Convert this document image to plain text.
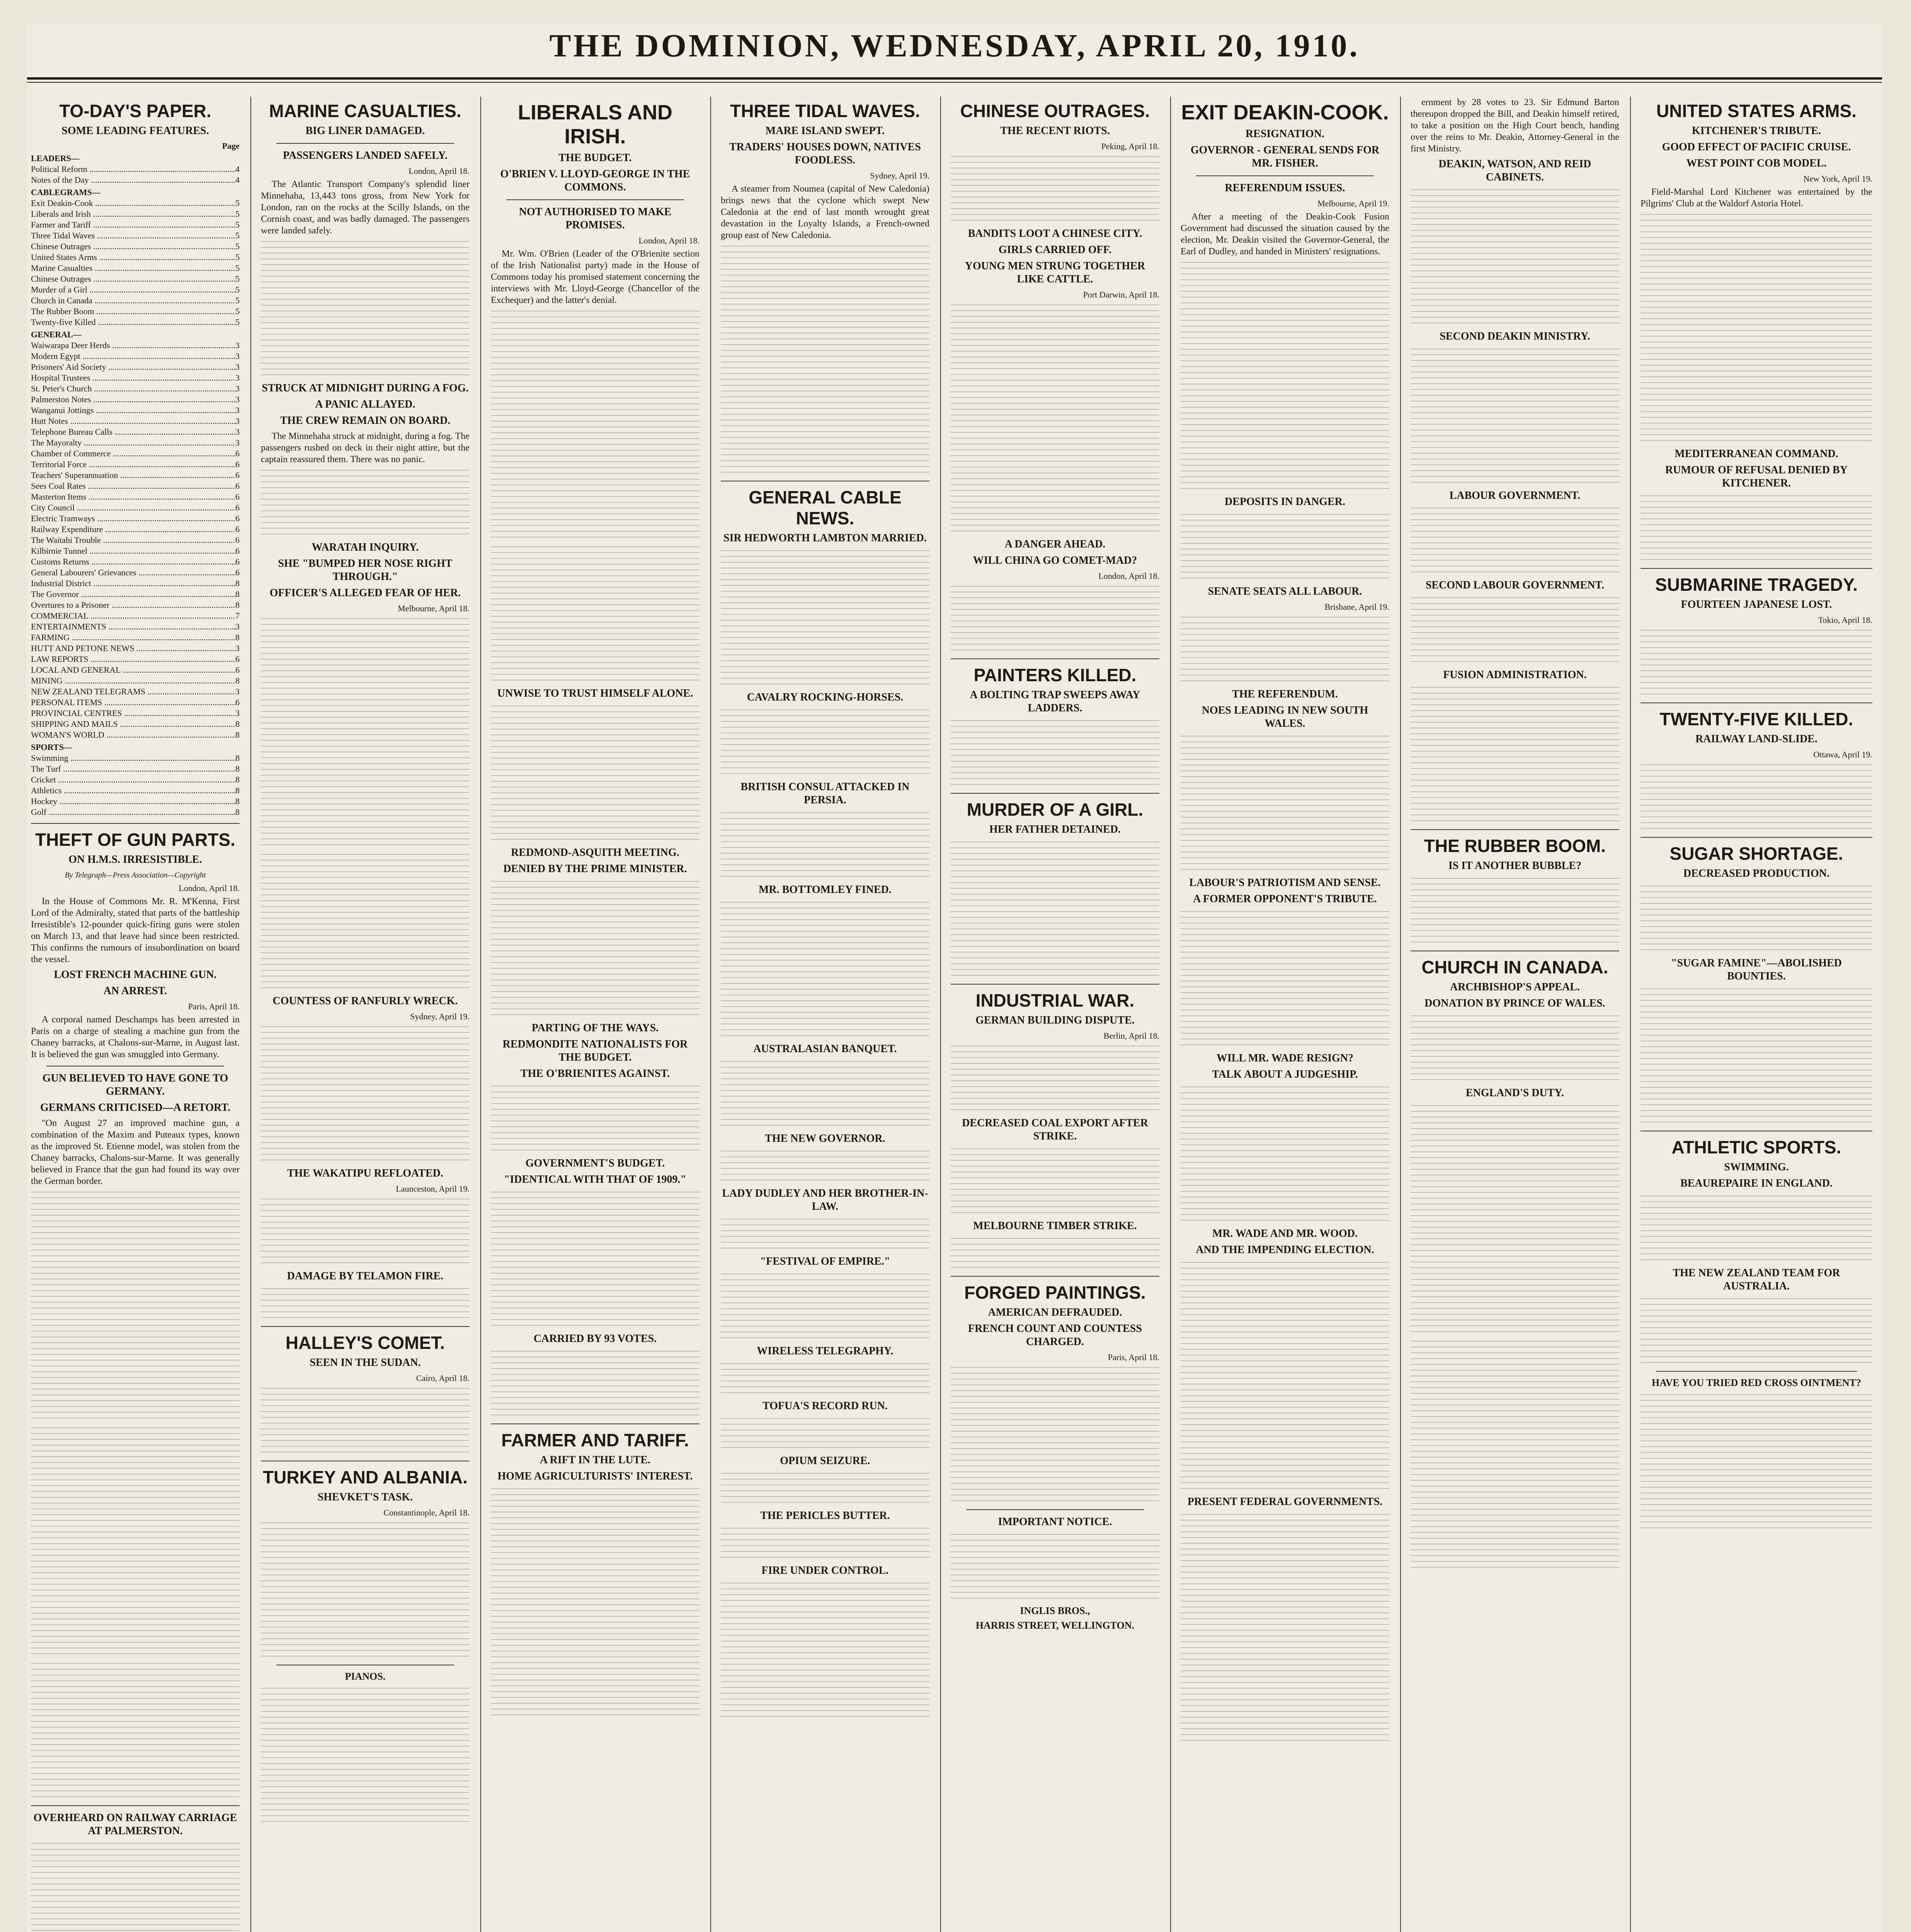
THE DOMINION, WEDNESDAY, APRIL 20, 1910.
TO-DAY'S PAPER.
SOME LEADING FEATURES.
Page
LEADERS—
Political Reform .....	4
Notes of the Day .....	4
CABLEGRAMS—
Exit Deakin-Cook .....	5
Liberals and Irish .....	5
Farmer and Tariff .....	5
Three Tidal Waves .....	5
Chinese Outrages .....	5
United States Arms .....	5
Marine Casualties .....	5
Chinese Outrages .....	5
Murder of a Girl .....	5
Church in Canada .....	5
The Rubber Boom .....	5
Twenty-five Killed .....	5
GENERAL—
Waiwarapa Deer Herds .....	3
Modern Egypt .....	3
Prisoners' Aid Society .....	3
Hospital Trustees .....	3
St. Peter's Church .....	3
Palmerston Notes .....	3
Wanganui Jottings .....	3
Hutt Notes .....	3
Telephone Bureau Calls .....	3
The Mayoralty .....	3
Chamber of Commerce .....	6
Territorial Force .....	6
Teachers' Superannuation .....	6
Sees Coal Rates .....	6
Masterton Items .....	6
City Council .....	6
Electric Tramways .....	6
Railway Expenditure .....	6
The Waitahi Trouble .....	6
Kilbirnie Tunnel .....	6
Customs Returns .....	6
General Labourers' Grievances .....	6
Industrial District .....	8
The Governor .....	8
Overtures to a Prisoner .....	8
COMMERCIAL .....	7
ENTERTAINMENTS .....	3
FARMING .....	8
HUTT AND PETONE NEWS .....	3
LAW REPORTS .....	6
LOCAL AND GENERAL .....	6
MINING .....	8
NEW ZEALAND TELEGRAMS .....	3
PERSONAL ITEMS .....	6
PROVINCIAL CENTRES .....	3
SHIPPING AND MAILS .....	8
WOMAN'S WORLD .....	8
SPORTS—
Swimming .....	8
The Turf .....	8
Cricket .....	8
Athletics .....	8
Hockey .....	8
Golf .....	8
THEFT OF GUN PARTS.
ON H.M.S. IRRESISTIBLE.
By Telegraph—Press Association—Copyright
London, April 18.
In the House of Commons Mr. R. M'Kenna, First Lord of the Admiralty, stated that parts of the battleship Irresistible's 12-pounder quick-firing guns were stolen on March 13, and that leave had since been restricted. This confirms the rumours of insubordination on board the vessel.
LOST FRENCH MACHINE GUN.
AN ARREST.
Paris, April 18.
A corporal named Deschamps has been arrested in Paris on a charge of stealing a machine gun from the Chaney barracks, at Chalons-sur-Marne, in August last. It is believed the gun was smuggled into Germany.
GUN BELIEVED TO HAVE GONE TO GERMANY.
GERMANS CRITICISED—A RETORT.
"On August 27 an improved machine gun, a combination of the Maxim and Puteaux types, known as the improved St. Etienne model, was stolen from the Chaney barracks, Chalons-sur-Marne. It was generally believed in France that the gun had found its way over the German border.
OVERHEARD ON RAILWAY CARRIAGE AT PALMERSTON.
MARINE CASUALTIES.
BIG LINER DAMAGED.
PASSENGERS LANDED SAFELY.
London, April 18.
The Atlantic Transport Company's splendid liner Minnehaha, 13,443 tons gross, from New York for London, ran on the rocks at the Scilly Islands, on the Cornish coast, and was badly damaged. The passengers were landed safely.
STRUCK AT MIDNIGHT DURING A FOG.
A PANIC ALLAYED.
THE CREW REMAIN ON BOARD.
The Minnehaha struck at midnight, during a fog. The passengers rushed on deck in their night attire, but the captain reassured them. There was no panic.
WARATAH INQUIRY.
SHE "BUMPED HER NOSE RIGHT THROUGH."
OFFICER'S ALLEGED FEAR OF HER.
Melbourne, April 18.
COUNTESS OF RANFURLY WRECK.
Sydney, April 19.
THE WAKATIPU REFLOATED.
Launceston, April 19.
DAMAGE BY TELAMON FIRE.
HALLEY'S COMET.
SEEN IN THE SUDAN.
Cairo, April 18.
TURKEY AND ALBANIA.
SHEVKET'S TASK.
Constantinople, April 18.
PIANOS.
LIBERALS AND IRISH.
THE BUDGET.
O'BRIEN V. LLOYD-GEORGE IN THE COMMONS.
NOT AUTHORISED TO MAKE PROMISES.
London, April 18.
Mr. Wm. O'Brien (Leader of the O'Brienite section of the Irish Nationalist party) made in the House of Commons today his promised statement concerning the interviews with Mr. Lloyd-George (Chancellor of the Exchequer) and the latter's denial.
UNWISE TO TRUST HIMSELF ALONE.
REDMOND-ASQUITH MEETING.
DENIED BY THE PRIME MINISTER.
PARTING OF THE WAYS.
REDMONDITE NATIONALISTS FOR THE BUDGET.
THE O'BRIENITES AGAINST.
GOVERNMENT'S BUDGET.
"IDENTICAL WITH THAT OF 1909."
CARRIED BY 93 VOTES.
FARMER AND TARIFF.
A RIFT IN THE LUTE.
HOME AGRICULTURISTS' INTEREST.
THREE TIDAL WAVES.
MARE ISLAND SWEPT.
TRADERS' HOUSES DOWN, NATIVES FOODLESS.
Sydney, April 19.
A steamer from Noumea (capital of New Caledonia) brings news that the cyclone which swept New Caledonia at the end of last month wrought great devastation in the Loyalty Islands, a French-owned group east of New Caledonia.
GENERAL CABLE NEWS.
SIR HEDWORTH LAMBTON MARRIED.
CAVALRY ROCKING-HORSES.
BRITISH CONSUL ATTACKED IN PERSIA.
MR. BOTTOMLEY FINED.
AUSTRALASIAN BANQUET.
THE NEW GOVERNOR.
LADY DUDLEY AND HER BROTHER-IN-LAW.
"FESTIVAL OF EMPIRE."
WIRELESS TELEGRAPHY.
TOFUA'S RECORD RUN.
OPIUM SEIZURE.
THE PERICLES BUTTER.
FIRE UNDER CONTROL.
CHINESE OUTRAGES.
THE RECENT RIOTS.
Peking, April 18.
BANDITS LOOT A CHINESE CITY.
GIRLS CARRIED OFF.
YOUNG MEN STRUNG TOGETHER LIKE CATTLE.
Port Darwin, April 18.
A DANGER AHEAD.
WILL CHINA GO COMET-MAD?
London, April 18.
PAINTERS KILLED.
A BOLTING TRAP SWEEPS AWAY LADDERS.
MURDER OF A GIRL.
HER FATHER DETAINED.
INDUSTRIAL WAR.
GERMAN BUILDING DISPUTE.
Berlin, April 18.
DECREASED COAL EXPORT AFTER STRIKE.
MELBOURNE TIMBER STRIKE.
FORGED PAINTINGS.
AMERICAN DEFRAUDED.
FRENCH COUNT AND COUNTESS CHARGED.
Paris, April 18.
IMPORTANT NOTICE.
INGLIS BROS.,
HARRIS STREET, WELLINGTON.
EXIT DEAKIN-COOK.
RESIGNATION.
GOVERNOR - GENERAL SENDS FOR MR. FISHER.
REFERENDUM ISSUES.
Melbourne, April 19.
After a meeting of the Deakin-Cook Fusion Government had discussed the situation caused by the election, Mr. Deakin visited the Governor-General, the Earl of Dudley, and handed in Ministers' resignations.
DEPOSITS IN DANGER.
SENATE SEATS ALL LABOUR.
Brisbane, April 19.
THE REFERENDUM.
NOES LEADING IN NEW SOUTH WALES.
LABOUR'S PATRIOTISM AND SENSE.
A FORMER OPPONENT'S TRIBUTE.
WILL MR. WADE RESIGN?
TALK ABOUT A JUDGESHIP.
MR. WADE AND MR. WOOD.
AND THE IMPENDING ELECTION.
PRESENT FEDERAL GOVERNMENTS.
ernment by 28 votes to 23. Sir Edmund Barton thereupon dropped the Bill, and Deakin himself retired, to take a position on the High Court bench, handing over the reins to Mr. Deakin, Attorney-General in the first Ministry.
DEAKIN, WATSON, AND REID CABINETS.
SECOND DEAKIN MINISTRY.
LABOUR GOVERNMENT.
SECOND LABOUR GOVERNMENT.
FUSION ADMINISTRATION.
THE RUBBER BOOM.
IS IT ANOTHER BUBBLE?
CHURCH IN CANADA.
ARCHBISHOP'S APPEAL.
DONATION BY PRINCE OF WALES.
ENGLAND'S DUTY.
UNITED STATES ARMS.
KITCHENER'S TRIBUTE.
GOOD EFFECT OF PACIFIC CRUISE.
WEST POINT COB MODEL.
New York, April 19.
Field-Marshal Lord Kitchener was entertained by the Pilgrims' Club at the Waldorf Astoria Hotel.
MEDITERRANEAN COMMAND.
RUMOUR OF REFUSAL DENIED BY KITCHENER.
SUBMARINE TRAGEDY.
FOURTEEN JAPANESE LOST.
Tokio, April 18.
TWENTY-FIVE KILLED.
RAILWAY LAND-SLIDE.
Ottawa, April 19.
SUGAR SHORTAGE.
DECREASED PRODUCTION.
"SUGAR FAMINE"—ABOLISHED BOUNTIES.
ATHLETIC SPORTS.
SWIMMING.
BEAUREPAIRE IN ENGLAND.
THE NEW ZEALAND TEAM FOR AUSTRALIA.
HAVE YOU TRIED RED CROSS OINTMENT?
